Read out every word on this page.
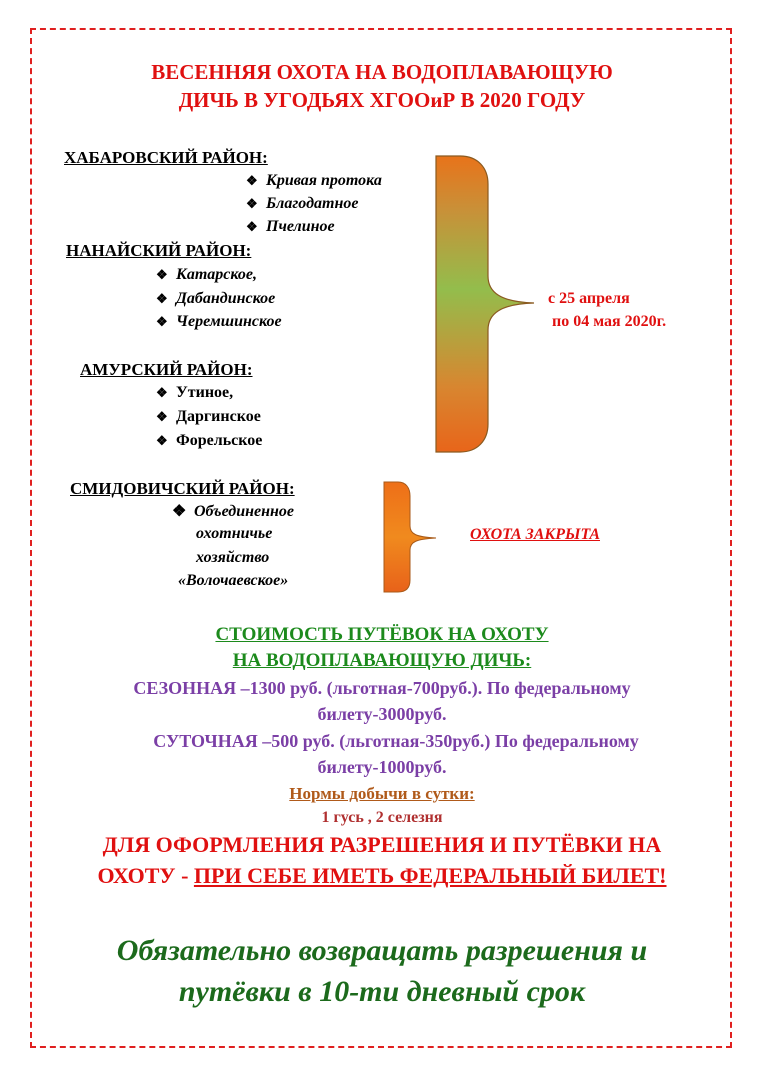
ВЕСЕННЯЯ ОХОТА НА ВОДОПЛАВАЮЩУЮ
ДИЧЬ В УГОДЬЯХ ХГООиР В 2020 ГОДУ
ХАБАРОВСКИЙ РАЙОН:
❖ Кривая протока
❖ Благодатное
❖ Пчелиное
НАНАЙСКИЙ РАЙОН:
❖ Катарское,
❖ Дабандинское
❖ Черемшинское
АМУРСКИЙ РАЙОН:
❖ Утиное,
❖ Даргинское
❖ Форельское
с 25 апреля
по 04 мая 2020г.
СМИДОВИЧСКИЙ РАЙОН:
❖ Объединенное
охотничье
хозяйство
«Волочаевское»
ОХОТА ЗАКРЫТА
СТОИМОСТЬ ПУТЁВОК НА ОХОТУ
НА ВОДОПЛАВАЮЩУЮ ДИЧЬ:
СЕЗОННАЯ –1300 руб. (льготная-700руб.). По федеральному
билету-3000руб.
СУТОЧНАЯ –500 руб. (льготная-350руб.) По федеральному
билету-1000руб.
Нормы добычи в сутки:
1 гусь , 2 селезня
ДЛЯ ОФОРМЛЕНИЯ РАЗРЕШЕНИЯ И ПУТЁВКИ НА
ОХОТУ - ПРИ СЕБЕ ИМЕТЬ ФЕДЕРАЛЬНЫЙ БИЛЕТ!
Обязательно возвращать разрешения и
путёвки в 10-ти дневный срок
